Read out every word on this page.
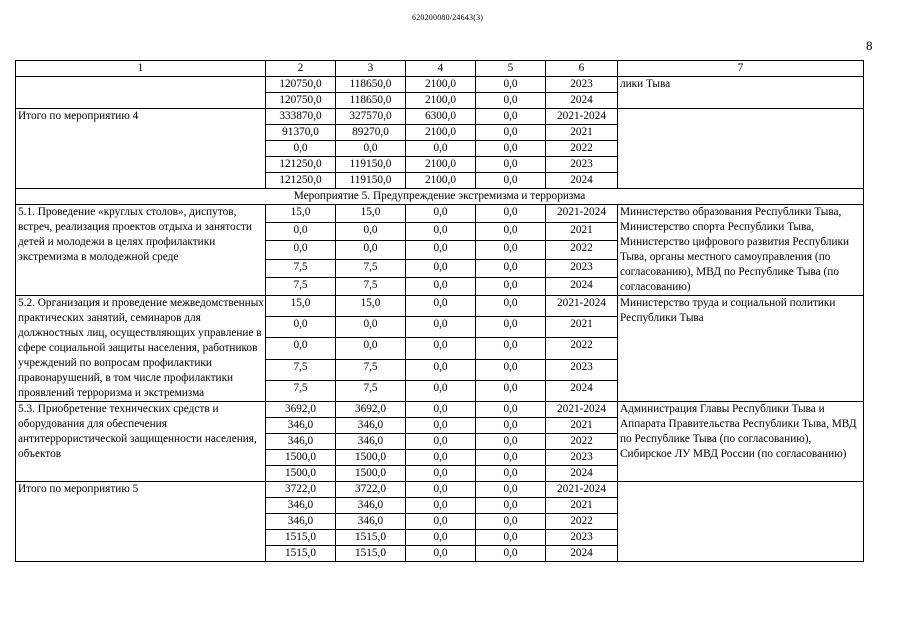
620200080/24643(3)
8
1	2	3	4	5	6	7
	120750,0	118650,0	2100,0	0,0	2023	лики Тыва
	120750,0	118650,0	2100,0	0,0	2024	
Итого по мероприятию 4	333870,0	327570,0	6300,0	0,0	2021-2024	
	91370,0	89270,0	2100,0	0,0	2021	
	0,0	0,0	0,0	0,0	2022	
	121250,0	119150,0	2100,0	0,0	2023	
	121250,0	119150,0	2100,0	0,0	2024	
Мероприятие 5. Предупреждение экстремизма и терроризма						
5.1. Проведение «круглых столов», диспутов, встреч, реализация проектов отдыха и занятости детей и молодежи в целях профилактики экстремизма в молодежной среде	15,0	15,0	0,0	0,0	2021-2024	Министерство образования Республики Тыва, Министерство спорта Республики Тыва, Министерство цифрового развития Республики Тыва, органы местного самоуправления (по согласованию), МВД по Республике Тыва (по согласованию)
	0,0	0,0	0,0	0,0	2021	
	0,0	0,0	0,0	0,0	2022	
	7,5	7,5	0,0	0,0	2023	
	7,5	7,5	0,0	0,0	2024	
5.2. Организация и проведение межведомственных практических занятий, семинаров для должностных лиц, осуществляющих управление в сфере социальной защиты населения, работников учреждений по вопросам профилактики правонарушений, в том числе профилактики проявлений терроризма и экстремизма	15,0	15,0	0,0	0,0	2021-2024	Министерство труда и социальной политики Республики Тыва
	0,0	0,0	0,0	0,0	2021	
	0,0	0,0	0,0	0,0	2022	
	7,5	7,5	0,0	0,0	2023	
	7,5	7,5	0,0	0,0	2024	
5.3. Приобретение технических средств и оборудования для обеспечения антитеррористической защищенности населения, объектов	3692,0	3692,0	0,0	0,0	2021-2024	Администрация Главы Республики Тыва и Аппарата Правительства Республики Тыва, МВД по Республике Тыва (по согласованию), Сибирское ЛУ МВД России (по согласованию)
	346,0	346,0	0,0	0,0	2021	
	346,0	346,0	0,0	0,0	2022	
	1500,0	1500,0	0,0	0,0	2023	
	1500,0	1500,0	0,0	0,0	2024	
Итого по мероприятию 5	3722,0	3722,0	0,0	0,0	2021-2024	
	346,0	346,0	0,0	0,0	2021	
	346,0	346,0	0,0	0,0	2022	
	1515,0	1515,0	0,0	0,0	2023	
	1515,0	1515,0	0,0	0,0	2024	
